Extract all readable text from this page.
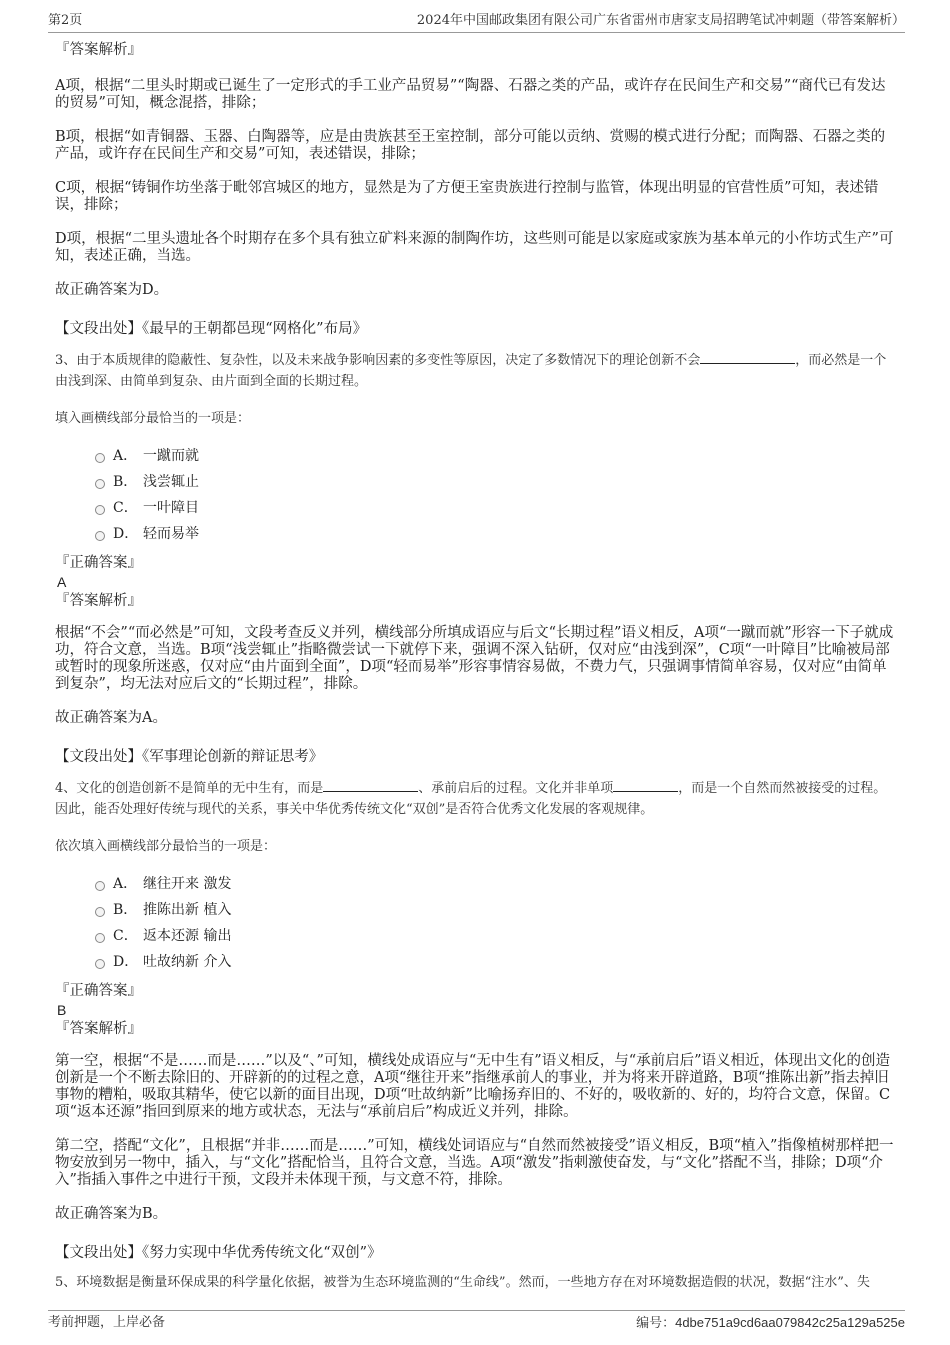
第2页	2024年中国邮政集团有限公司广东省雷州市唐家支局招聘笔试冲刺题（带答案解析）

『答案解析』

A项，根据“二里头时期或已诞生了一定形式的手工业产品贸易”“陶器、石器之类的产品，或许存在民间生产和交易”“商代已有发达的贸易”可知，概念混搭，排除；

B项，根据“如青铜器、玉器、白陶器等，应是由贵族甚至王室控制，部分可能以贡纳、赏赐的模式进行分配；而陶器、石器之类的产品，或许存在民间生产和交易”可知，表述错误，排除；

C项，根据“铸铜作坊坐落于毗邻宫城区的地方，显然是为了方便王室贵族进行控制与监管，体现出明显的官营性质”可知，表述错误，排除；

D项，根据“二里头遗址各个时期存在多个具有独立矿料来源的制陶作坊，这些则可能是以家庭或家族为基本单元的小作坊式生产”可知，表述正确，当选。

故正确答案为D。

【文段出处】《最早的王朝都邑现“网格化”布局》

3、由于本质规律的隐蔽性、复杂性，以及未来战争影响因素的多变性等原因，决定了多数情况下的理论创新不会	，而必然是一个由浅到深、由简单到复杂、由片面到全面的长期过程。

填入画横线部分最恰当的一项是：

A． 一蹴而就
B． 浅尝辄止
C． 一叶障目
D． 轻而易举

『正确答案』

A

『答案解析』

根据“不会”“而必然是”可知，文段考查反义并列，横线部分所填成语应与后文“长期过程”语义相反，A项“一蹴而就”形容一下子就成功，符合文意，当选。B项“浅尝辄止”指略微尝试一下就停下来，强调不深入钻研，仅对应“由浅到深”，C项“一叶障目”比喻被局部或暂时的现象所迷惑，仅对应“由片面到全面”，D项“轻而易举”形容事情容易做，不费力气，只强调事情简单容易，仅对应“由简单到复杂”，均无法对应后文的“长期过程”，排除。

故正确答案为A。

【文段出处】《军事理论创新的辩证思考》

4、文化的创造创新不是简单的无中生有，而是	、承前启后的过程。文化并非单项	，而是一个自然而然被接受的过程。因此，能否处理好传统与现代的关系，事关中华优秀传统文化“双创”是否符合优秀文化发展的客观规律。

依次填入画横线部分最恰当的一项是：

A． 继往开来 激发
B． 推陈出新 植入
C． 返本还源 输出
D． 吐故纳新 介入

『正确答案』

B

『答案解析』

第一空，根据“不是……而是……”以及“、”可知，横线处成语应与“无中生有”语义相反，与“承前启后”语义相近，体现出文化的创造创新是一个不断去除旧的、开辟新的的过程之意，A项“继往开来”指继承前人的事业，并为将来开辟道路，B项“推陈出新”指去掉旧事物的糟粕，吸取其精华，使它以新的面目出现，D项“吐故纳新”比喻扬弃旧的、不好的，吸收新的、好的，均符合文意，保留。C项“返本还源”指回到原来的地方或状态，无法与“承前启后”构成近义并列，排除。

第二空，搭配“文化”，且根据“并非……而是……”可知，横线处词语应与“自然而然被接受”语义相反，B项“植入”指像植树那样把一物安放到另一物中，插入，与“文化”搭配恰当，且符合文意，当选。A项“激发”指刺激使奋发，与“文化”搭配不当，排除；D项“介入”指插入事件之中进行干预，文段并未体现干预，与文意不符，排除。

故正确答案为B。

【文段出处】《努力实现中华优秀传统文化“双创”》

5、环境数据是衡量环保成果的科学量化依据，被誉为生态环境监测的“生命线”。然而，一些地方存在对环境数据造假的状况，数据“注水”、失

考前押题，上岸必备	编号：4dbe751a9cd6aa079842c25a129a525e
